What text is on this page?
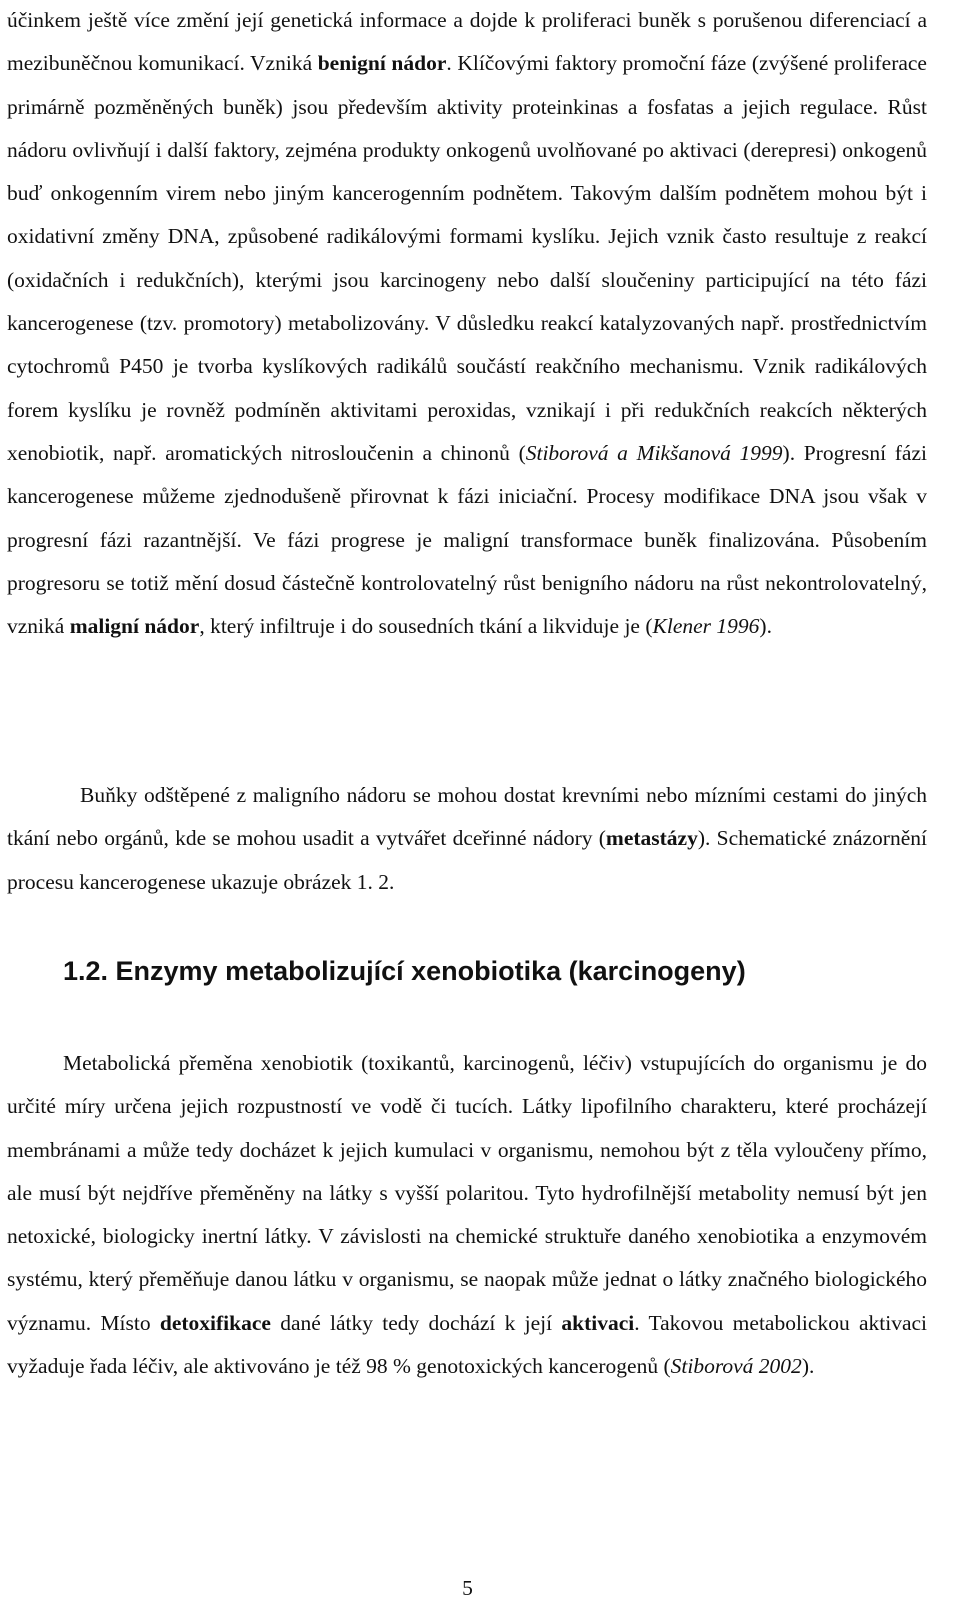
účinkem ještě více změní její genetická informace a dojde k proliferaci buněk s porušenou diferenciací a mezibuněčnou komunikací. Vzniká benigní nádor. Klíčovými faktory promoční fáze (zvýšené proliferace primárně pozměněných buněk) jsou především aktivity proteinkinas a fosfatas a jejich regulace. Růst nádoru ovlivňují i další faktory, zejména produkty onkogenů uvolňované po aktivaci (derepresi) onkogenů buď onkogenním virem nebo jiným kancerogenním podnětem. Takovým dalším podnětem mohou být i oxidativní změny DNA, způsobené radikálovými formami kyslíku. Jejich vznik často resultuje z reakcí (oxidačních i redukčních), kterými jsou karcinogeny nebo další sloučeniny participující na této fázi kancerogenese (tzv. promotory) metabolizovány. V důsledku reakcí katalyzovaných např. prostřednictvím cytochromů P450 je tvorba kyslíkových radikálů součástí reakčního mechanismu. Vznik radikálových forem kyslíku je rovněž podmíněn aktivitami peroxidas, vznikají i při redukčních reakcích některých xenobiotik, např. aromatických nitrosloučenin a chinonů (Stiborová a Mikšanová 1999). Progresní fázi kancerogenese můžeme zjednodušeně přirovnat k fázi iniciační. Procesy modifikace DNA jsou však v progresní fázi razantnější. Ve fázi progrese je maligní transformace buněk finalizována. Působením progresoru se totiž mění dosud částečně kontrolovatelný růst benigního nádoru na růst nekontrolovatelný, vzniká maligní nádor, který infiltruje i do sousedních tkání a likviduje je (Klener 1996).

Buňky odštěpené z maligního nádoru se mohou dostat krevními nebo mízními cestami do jiných tkání nebo orgánů, kde se mohou usadit a vytvářet dceřinné nádory (metastázy). Schematické znázornění procesu kancerogenese ukazuje obrázek 1. 2.

1.2. Enzymy metabolizující xenobiotika (karcinogeny)

Metabolická přeměna xenobiotik (toxikantů, karcinogenů, léčiv) vstupujících do organismu je do určité míry určena jejich rozpustností ve vodě či tucích. Látky lipofilního charakteru, které procházejí membránami a může tedy docházet k jejich kumulaci v organismu, nemohou být z těla vyloučeny přímo, ale musí být nejdříve přeměněny na látky s vyšší polaritou. Tyto hydrofilnější metabolity nemusí být jen netoxické, biologicky inertní látky. V závislosti na chemické struktuře daného xenobiotika a enzymovém systému, který přeměňuje danou látku v organismu, se naopak může jednat o látky značného biologického významu. Místo detoxifikace dané látky tedy dochází k její aktivaci. Takovou metabolickou aktivaci vyžaduje řada léčiv, ale aktivováno je též 98 % genotoxických kancerogenů (Stiborová 2002).

5
